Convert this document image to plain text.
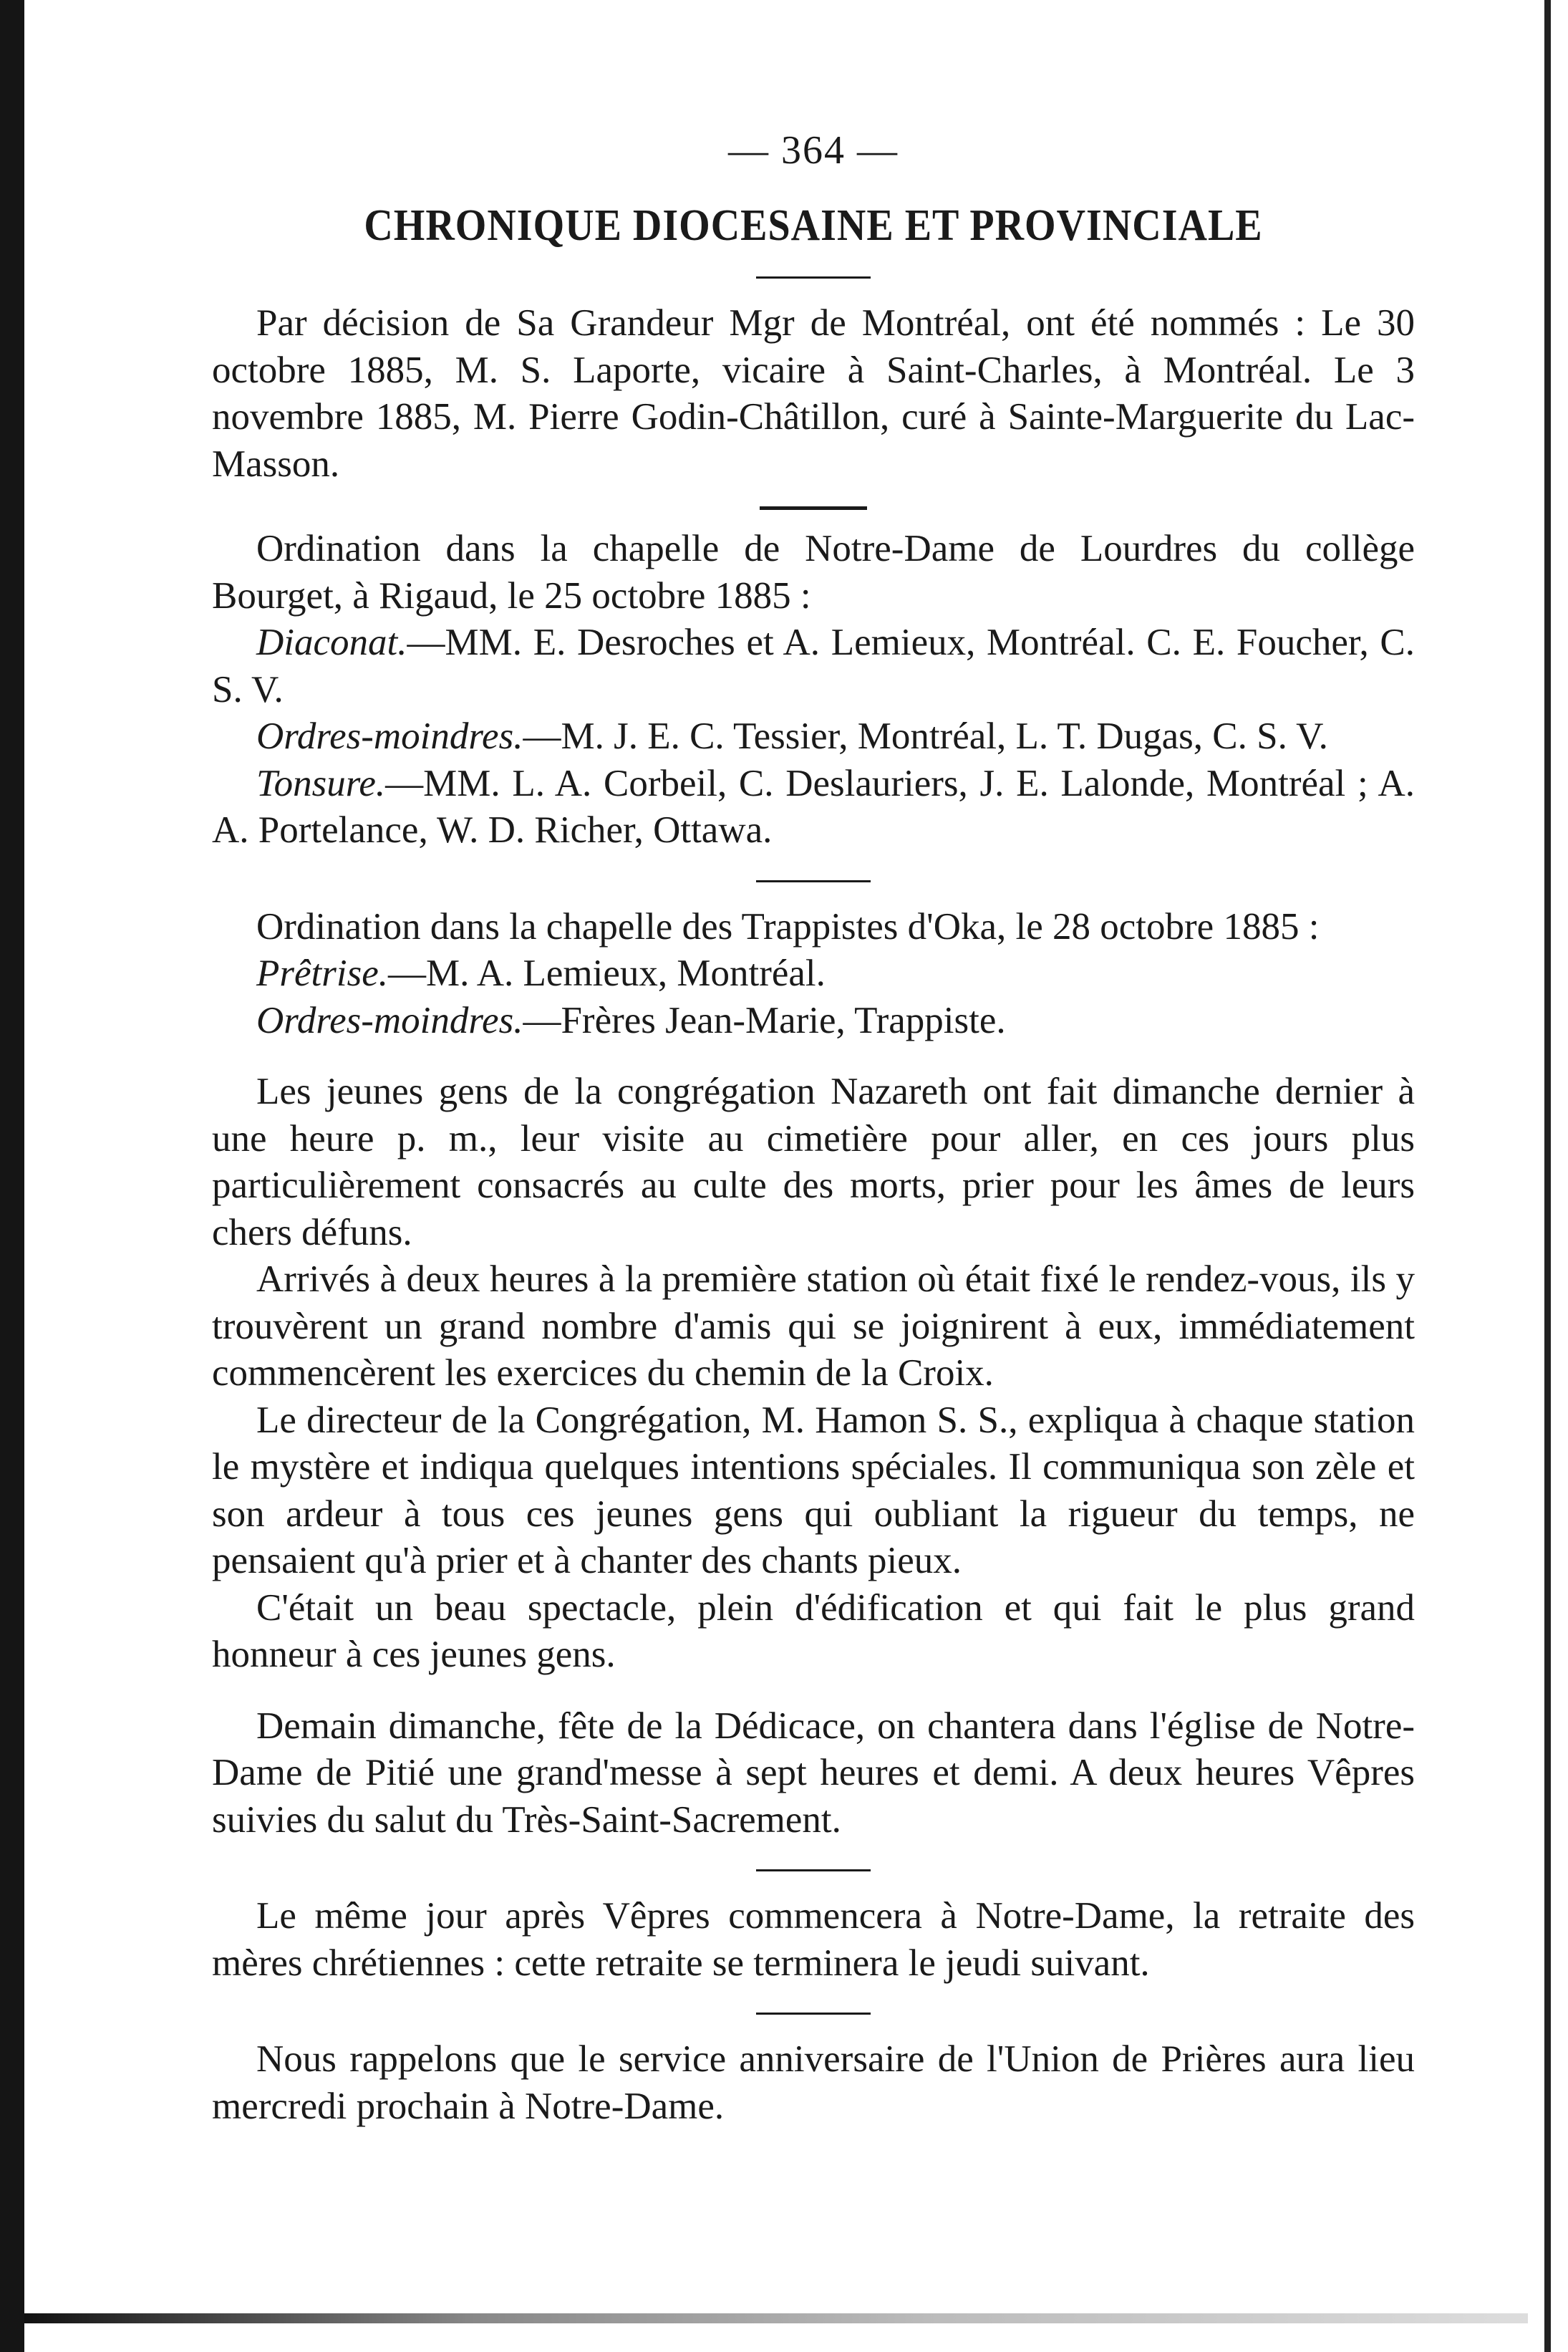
— 364 —
CHRONIQUE DIOCESAINE ET PROVINCIALE

Par décision de Sa Grandeur Mgr de Montréal, ont été nommés : Le 30 octobre 1885, M. S. Laporte, vicaire à Saint-Charles, à Montréal. Le 3 novembre 1885, M. Pierre Godin-Châtillon, curé à Sainte-Marguerite du Lac-Masson.

Ordination dans la chapelle de Notre-Dame de Lourdres du collège Bourget, à Rigaud, le 25 octobre 1885 :

Diaconat.—MM. E. Desroches et A. Lemieux, Montréal. C. E. Foucher, C. S. V.

Ordres-moindres.—M. J. E. C. Tessier, Montréal, L. T. Dugas, C. S. V.

Tonsure.—MM. L. A. Corbeil, C. Deslauriers, J. E. Lalonde, Montréal ; A. A. Portelance, W. D. Richer, Ottawa.

Ordination dans la chapelle des Trappistes d'Oka, le 28 octobre 1885 :

Prêtrise.—M. A. Lemieux, Montréal.

Ordres-moindres.—Frères Jean-Marie, Trappiste.

Les jeunes gens de la congrégation Nazareth ont fait dimanche dernier à une heure p. m., leur visite au cimetière pour aller, en ces jours plus particulièrement consacrés au culte des morts, prier pour les âmes de leurs chers défuns.

Arrivés à deux heures à la première station où était fixé le rendez-vous, ils y trouvèrent un grand nombre d'amis qui se joignirent à eux, immédiatement commencèrent les exercices du chemin de la Croix.

Le directeur de la Congrégation, M. Hamon S. S., expliqua à chaque station le mystère et indiqua quelques intentions spéciales. Il communiqua son zèle et son ardeur à tous ces jeunes gens qui oubliant la rigueur du temps, ne pensaient qu'à prier et à chanter des chants pieux.

C'était un beau spectacle, plein d'édification et qui fait le plus grand honneur à ces jeunes gens.

Demain dimanche, fête de la Dédicace, on chantera dans l'église de Notre-Dame de Pitié une grand'messe à sept heures et demi. A deux heures Vêpres suivies du salut du Très-Saint-Sacrement.

Le même jour après Vêpres commencera à Notre-Dame, la retraite des mères chrétiennes : cette retraite se terminera le jeudi suivant.

Nous rappelons que le service anniversaire de l'Union de Prières aura lieu mercredi prochain à Notre-Dame.
